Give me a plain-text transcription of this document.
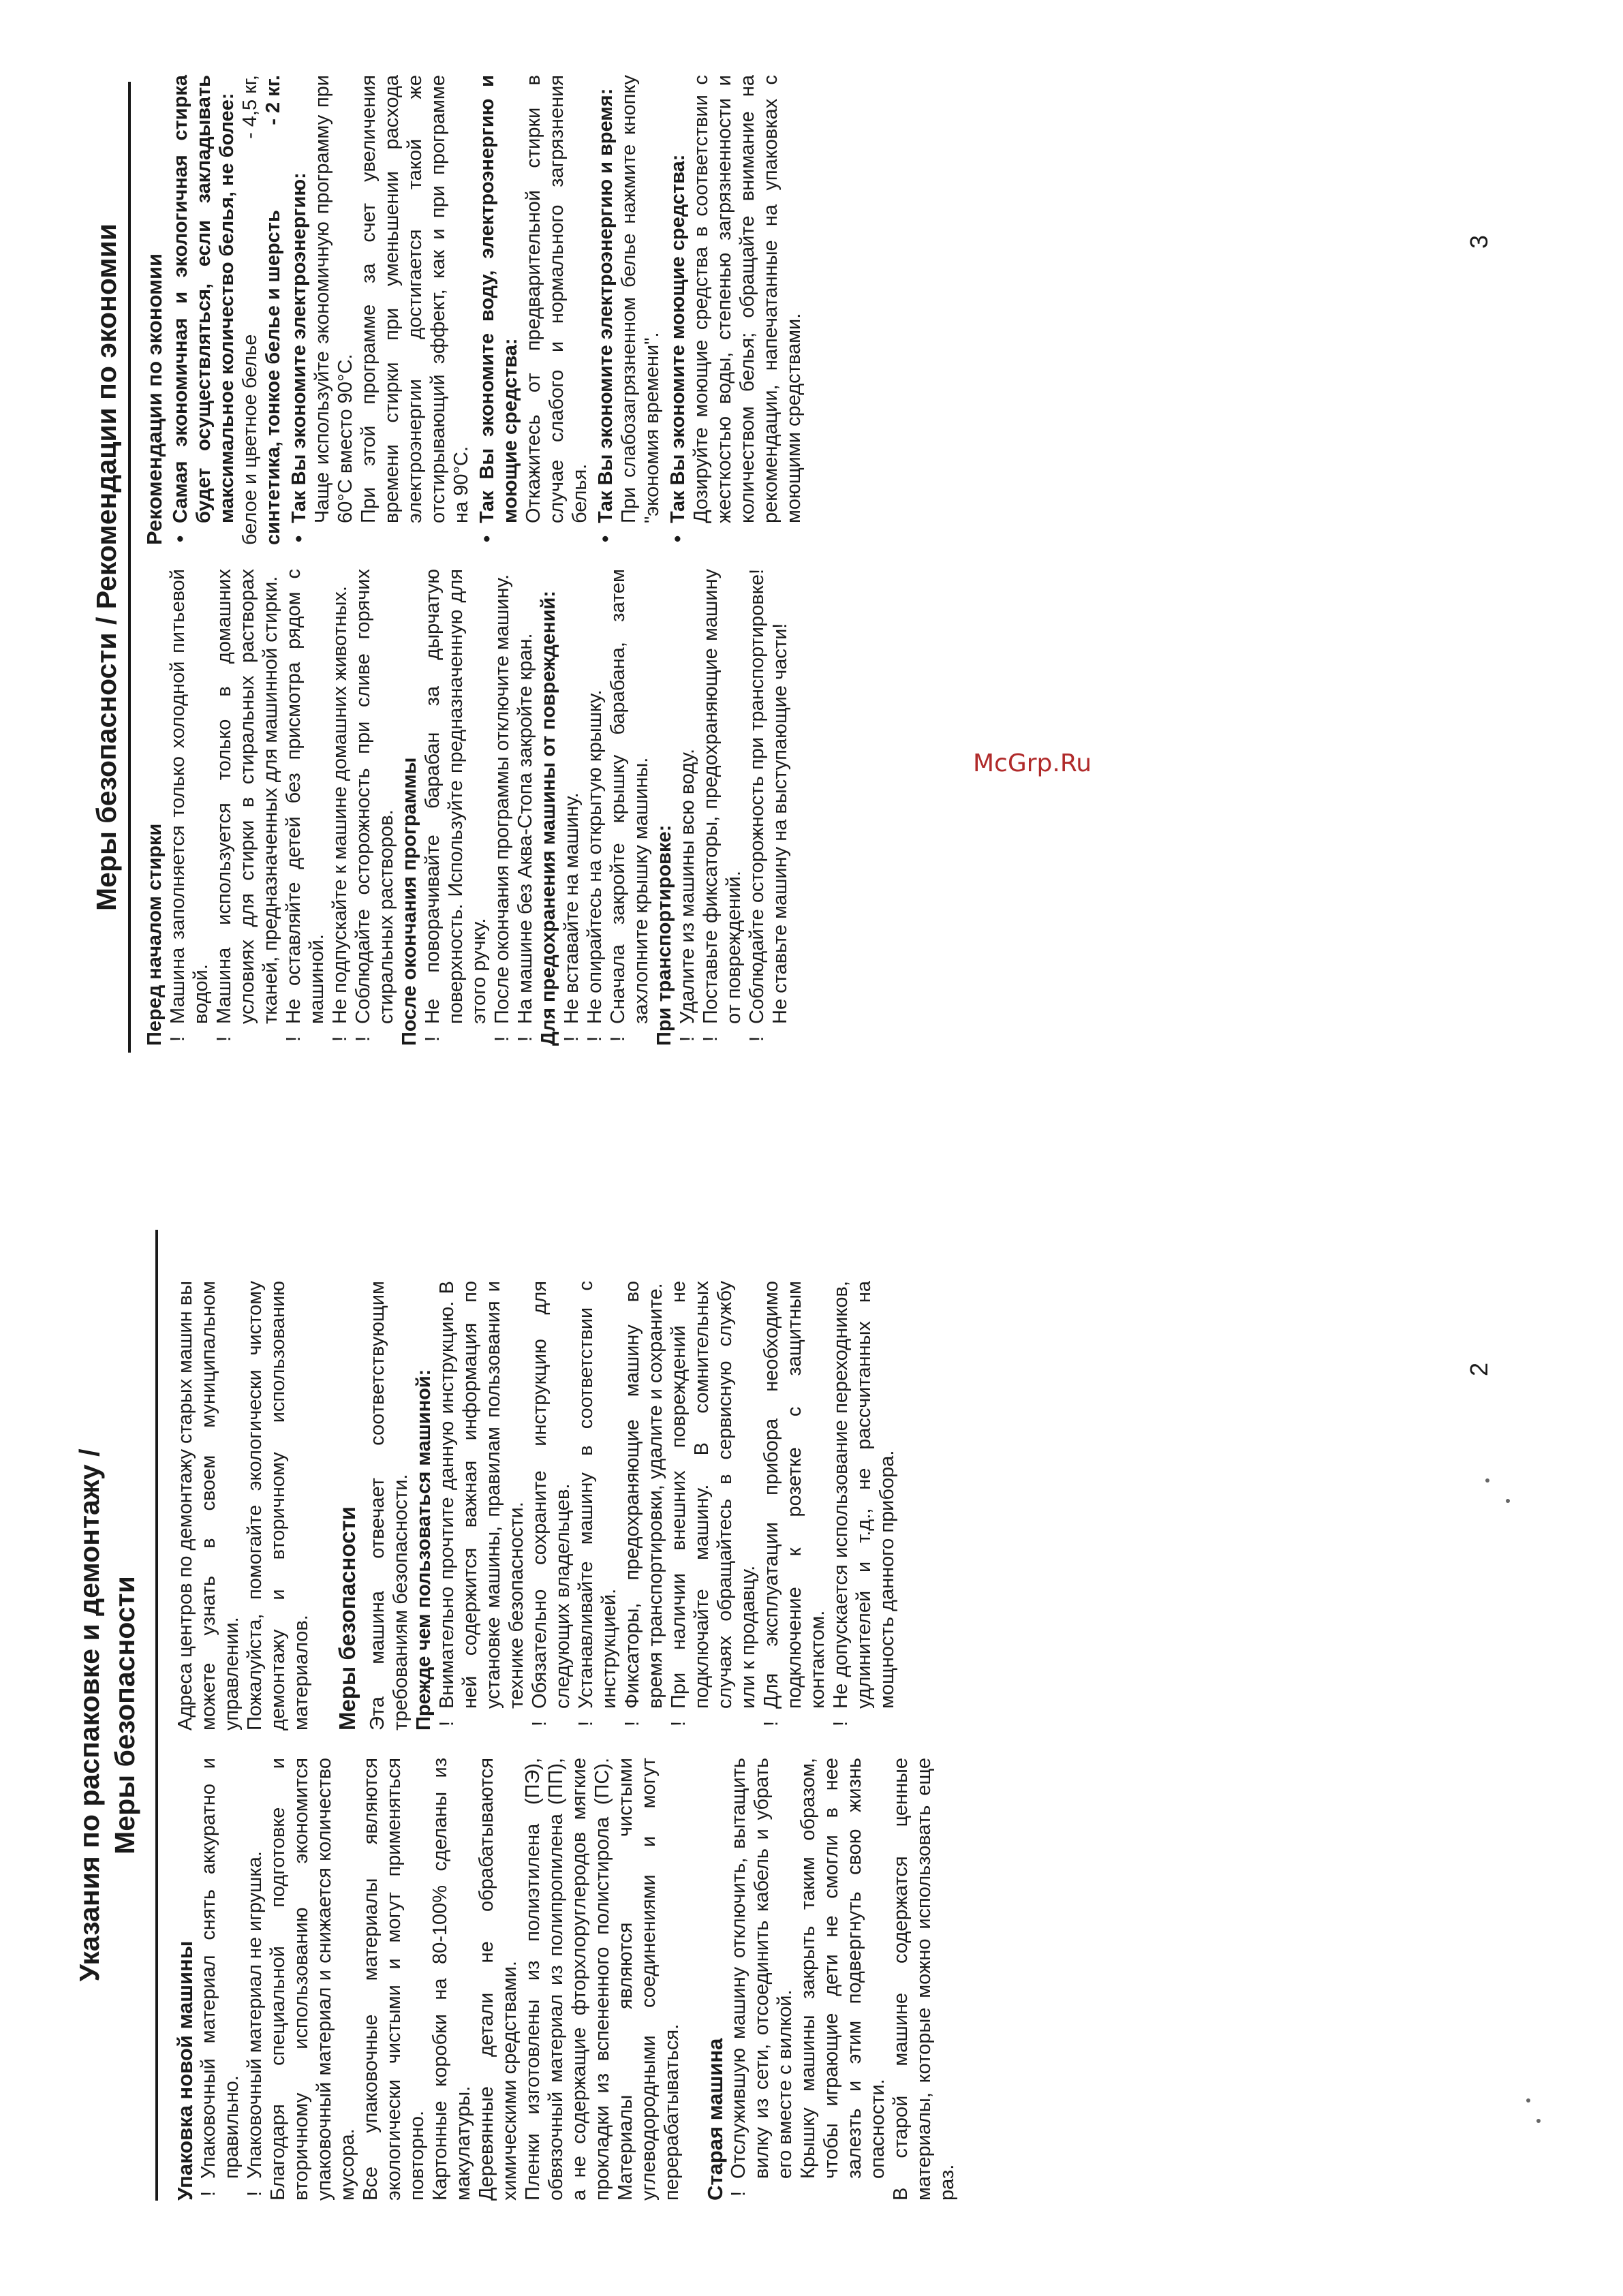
Указания по распаковке и демонтажу / Меры безопасности

Упаковка новой машины !Упаковочный материал снять аккуратно и правильно.

!Упаковочный материал не игрушка. Благодаря специальной подготовке и вторичному использованию экономится упаковочный материал и снижается количество мусора. Все упаковочные материалы являются экологически чистыми и могут применяться повторно. Картонные коробки на 80-100% сделаны из макулатуры. Деревянные детали не обрабатываются химическими средствами. Пленки изготовлены из полиэтилена (ПЭ), обвязочный материал из полипропилена (ПП), а не содержащие фторхлоруглеродов мягкие прокладки из вспененного полистирола (ПС). Материалы являются чистыми углеводородными соединениями и могут перерабатываться. Старая машина !Отслужившую машину отключить, вытащить вилку из сети, отсоединить кабель и убрать его вместе с вилкой. Крышку машины закрыть таким образом, чтобы играющие дети не смогли в нее залезть и этим подвергнуть свою жизнь опасности. В старой машине содержатся ценные материалы, которые можно использовать еще раз.

Адреса центров по демонтажу старых машин вы можете узнать в своем муниципальном управлении. Пожалуйста, помогайте экологически чистому демонтажу и вторичному использованию материалов. Меры безопасности Эта машина отвечает соответствующим требованиям безопасности. Прежде чем пользоваться машиной: !Внимательно прочтите данную инструкцию. В ней содержится важная информация по установке машины, правилам пользования и технике безопасности.

!Обязательно сохраните инструкцию для следующих владельцев.

!Устанавливайте машину в соответствии с инструкцией.

!Фиксаторы, предохраняющие машину во время транспортировки, удалите и сохраните.

!При наличии внешних повреждений не подключайте машину. В сомнительных случаях обращайтесь в сервисную службу или к продавцу.

!Для эксплуатации прибора необходимо подключение к розетке с защитным контактом.

!Не допускается использование переходников, удлинителей и т.д., не рассчитанных на мощность данного прибора.

2
Меры безопасности / Рекомендации по экономии

Перед началом стирки !Машина заполняется только холодной питьевой водой.

!Машина используется только в домашних условиях для стирки в стиральных растворах тканей, предназначенных для машинной стирки.

!Не оставляйте детей без присмотра рядом с машиной.

!Не подпускайте к машине домашних животных.

!Соблюдайте осторожность при сливе горячих стиральных растворов. После окончания программы !Не поворачивайте барабан за дырчатую поверхность. Используйте предназначенную для этого ручку.

!После окончания программы отключите машину.

!На машине без Аква-Стопа закройте кран. Для предохранения машины от повреждений: !Не вставайте на машину.

!Не опирайтесь на открытую крышку.

!Сначала закройте крышку барабана, затем захлопните крышку машины. При транспортировке: !Удалите из машины всю воду.

!Поставьте фиксаторы, предохраняющие машину от повреждений.

!Соблюдайте осторожность при транспортировке! Не ставьте машину на выступающие части!

Рекомендации по экономии •Самая экономичная и экологичная стирка будет осуществляться, если закладывать максимальное количество белья, не более: белое и цветное белье
- 4,5 кг,

синтетика, тонкое белье и шерсть
- 2 кг.

•Так Вы экономите электроэнергию: Чаще используйте экономичную программу при 60°C вместо 90°C. При этой программе за счет увеличения времени стирки при уменьшении расхода электроэнергии достигается такой же отстирывающий эффект, как и при программе на 90°C.

•Так Вы экономите воду, электроэнергию и моющие средства: Откажитесь от предварительной стирки в случае слабого и нормального загрязнения белья.

•Так Вы экономите электроэнергию и время: При слабозагрязненном белье нажмите кнопку "экономия времени".

•Так Вы экономите моющие средства: Дозируйте моющие средства в соответствии с жесткостью воды, степенью загрязненности и количеством белья; обращайте внимание на рекомендации, напечатанные на упаковках с моющими средствами.

3
McGrp.Ru
